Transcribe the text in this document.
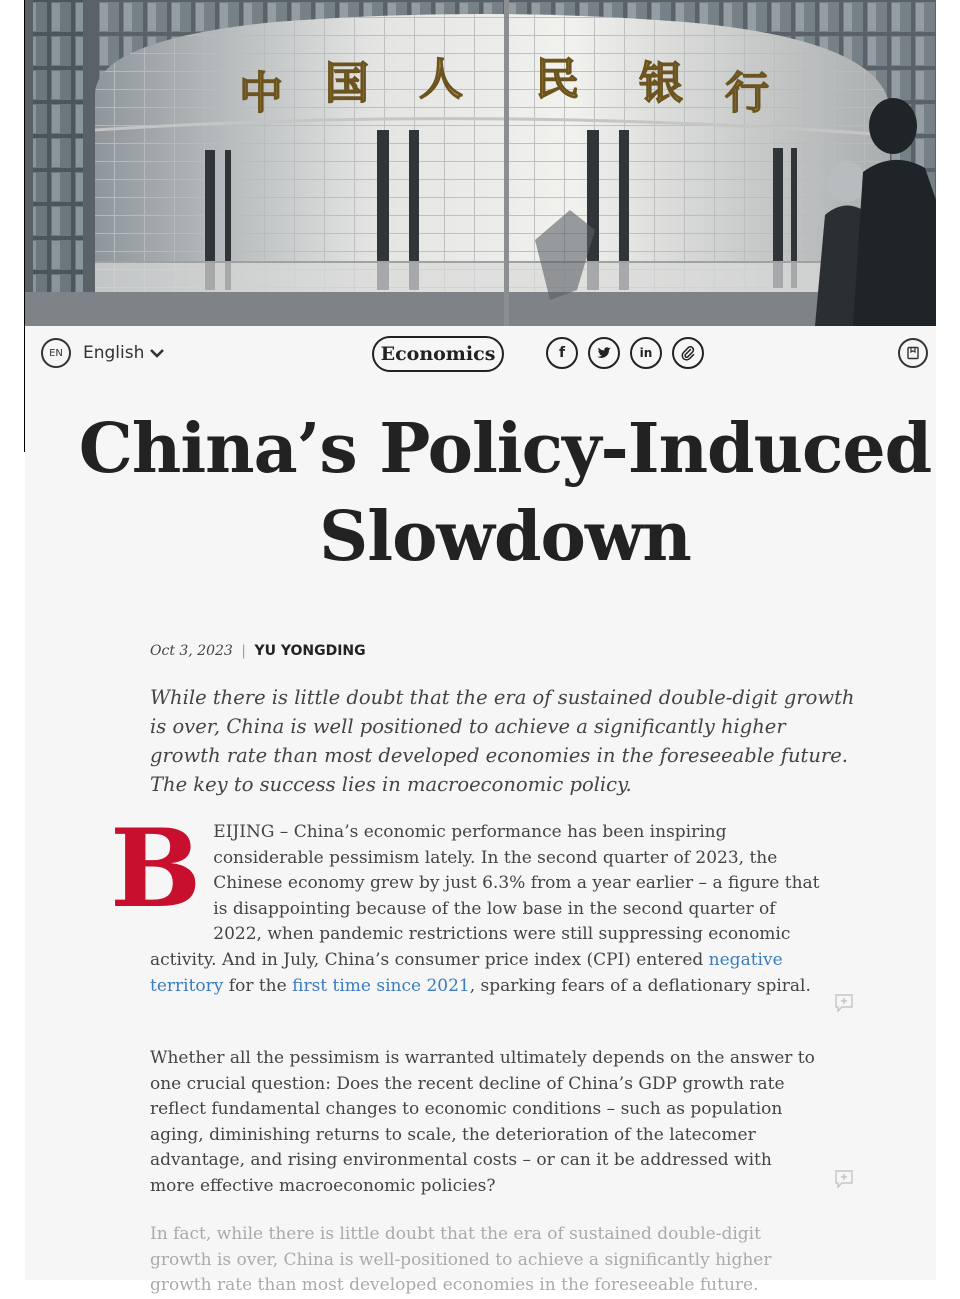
中 国 人 民 银 行
EN	English	Economics	f	in
China’s Policy-Induced Slowdown
Oct 3, 2023 | YU YONGDING

While there is little doubt that the era of sustained double-digit growth is over, China is well positioned to achieve a significantly higher growth rate than most developed economies in the foreseeable future. The key to success lies in macroeconomic policy.

BEIJING – China’s economic performance has been inspiring considerable pessimism lately. In the second quarter of 2023, the Chinese economy grew by just 6.3% from a year earlier – a figure that is disappointing because of the low base in the second quarter of 2022, when pandemic restrictions were still suppressing economic activity. And in July, China’s consumer price index (CPI) entered negative territory for the first time since 2021, sparking fears of a deflationary spiral.

Whether all the pessimism is warranted ultimately depends on the answer to one crucial question: Does the recent decline of China’s GDP growth rate reflect fundamental changes to economic conditions – such as population aging, diminishing returns to scale, the deterioration of the latecomer advantage, and rising environmental costs – or can it be addressed with more effective macroeconomic policies?

In fact, while there is little doubt that the era of sustained double-digit growth is over, China is well-positioned to achieve a significantly higher growth rate than most developed economies in the foreseeable future.
